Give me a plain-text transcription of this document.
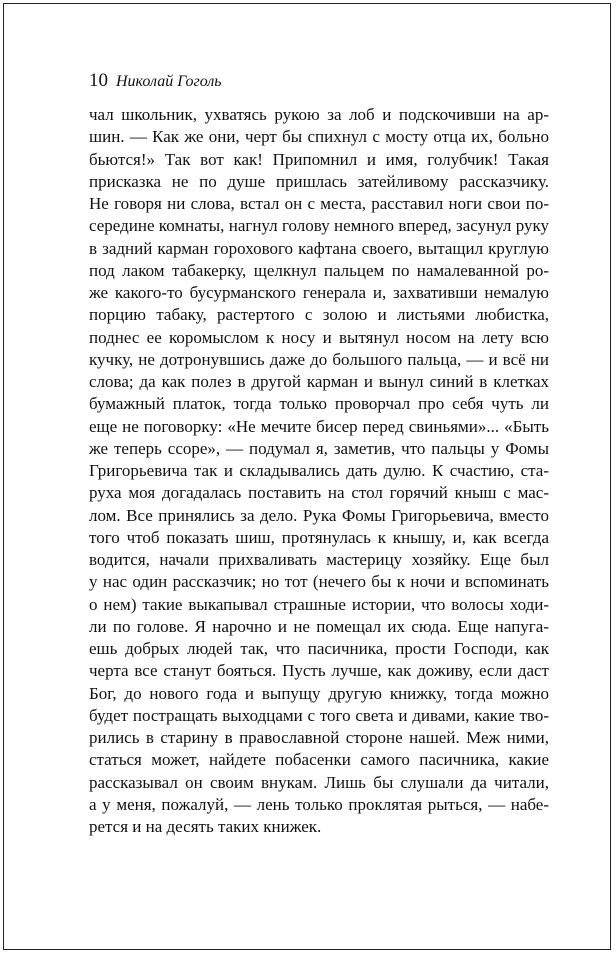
10 Николай Гоголь
чал школьник, ухватясь рукою за лоб и подскочивши на ар-
шин. — Как же они, черт бы спихнул с мосту отца их, больно
бьются!» Так вот как! Припомнил и имя, голубчик! Такая
присказка не по душе пришлась затейливому рассказчику.
Не говоря ни слова, встал он с места, расставил ноги свои по-
середине комнаты, нагнул голову немного вперед, засунул руку
в задний карман горохового кафтана своего, вытащил круглую
под лаком табакерку, щелкнул пальцем по намалеванной ро-
же какого-то бусурманского генерала и, захвативши немалую
порцию табаку, растертого с золою и листьями любистка,
поднес ее коромыслом к носу и вытянул носом на лету всю
кучку, не дотронувшись даже до большого пальца, — и всё ни
слова; да как полез в другой карман и вынул синий в клетках
бумажный платок, тогда только проворчал про себя чуть ли
еще не поговорку: «Не мечите бисер перед свиньями»... «Быть
же теперь ссоре», — подумал я, заметив, что пальцы у Фомы
Григорьевича так и складывались дать дулю. К счастию, ста-
руха моя догадалась поставить на стол горячий кныш с мас-
лом. Все принялись за дело. Рука Фомы Григорьевича, вместо
того чтоб показать шиш, протянулась к кнышу, и, как всегда
водится, начали прихваливать мастерицу хозяйку. Еще был
у нас один рассказчик; но тот (нечего бы к ночи и вспоминать
о нем) такие выкапывал страшные истории, что волосы ходи-
ли по голове. Я нарочно и не помещал их сюда. Еще напугa-
ешь добрых людей так, что пасичника, прости Господи, как
черта все станут бояться. Пусть лучше, как доживу, если даст
Бог, до нового года и выпущу другую книжку, тогда можно
будет постращать выходцами с того света и дивами, какие тво-
рились в старину в православной стороне нашей. Меж ними,
статься может, найдете побасенки самого пасичника, какие
рассказывал он своим внукам. Лишь бы слушали да читали,
а у меня, пожалуй, — лень только проклятая рыться, — набе-
рется и на десять таких книжек.
